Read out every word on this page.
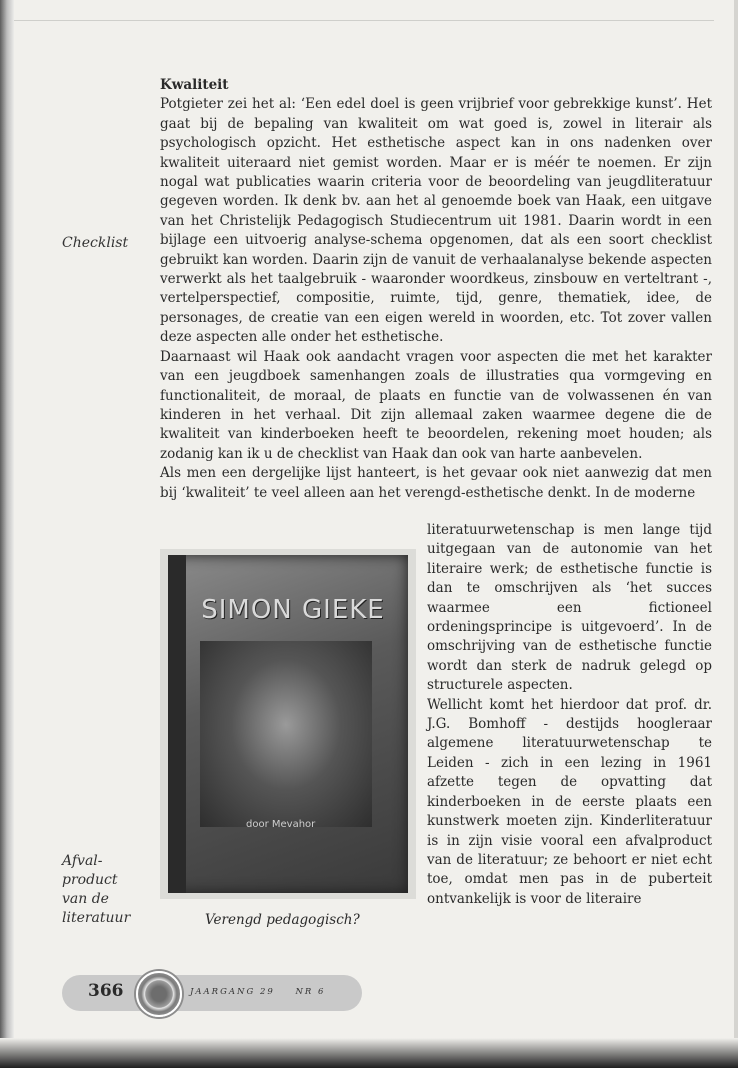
Checklist
Afval-
product
van de
literatuur

Kwaliteit

Potgieter zei het al: ‘Een edel doel is geen vrijbrief voor gebrekkige kunst’. Het gaat bij de bepaling van kwaliteit om wat goed is, zowel in literair als psychologisch opzicht. Het esthetische aspect kan in ons nadenken over kwaliteit uiteraard niet gemist worden. Maar er is méér te noemen. Er zijn nogal wat publicaties waarin criteria voor de beoordeling van jeugdliteratuur gegeven worden. Ik denk bv. aan het al genoemde boek van Haak, een uitgave van het Christelijk Pedagogisch Studiecentrum uit 1981. Daarin wordt in een bijlage een uitvoerig analyse-schema opgenomen, dat als een soort checklist gebruikt kan worden. Daarin zijn de vanuit de verhaalanalyse bekende aspecten verwerkt als het taalgebruik - waaronder woordkeus, zinsbouw en verteltrant -, vertelperspectief, compositie, ruimte, tijd, genre, thematiek, idee, de personages, de creatie van een eigen wereld in woorden, etc. Tot zover vallen deze aspecten alle onder het esthetische.

Daarnaast wil Haak ook aandacht vragen voor aspecten die met het karakter van een jeugdboek samenhangen zoals de illustraties qua vormgeving en functionaliteit, de moraal, de plaats en functie van de volwassenen én van kinderen in het verhaal. Dit zijn allemaal zaken waarmee degene die de kwaliteit van kinderboeken heeft te beoordelen, rekening moet houden; als zodanig kan ik u de checklist van Haak dan ook van harte aanbevelen.

Als men een dergelijke lijst hanteert, is het gevaar ook niet aanwezig dat men bij ‘kwaliteit’ te veel alleen aan het verengd-esthetische denkt. In de moderne

SIMON GIEKE
door Mevahor
Verengd pedagogisch?

literatuurwetenschap is men lange tijd uitgegaan van de autonomie van het literaire werk; de esthetische functie is dan te omschrijven als ‘het succes waarmee een fictioneel ordeningsprincipe is uitgevoerd’. In de omschrijving van de esthetische functie wordt dan sterk de nadruk gelegd op structurele aspecten.

Wellicht komt het hierdoor dat prof. dr. J.G. Bomhoff - destijds hoogleraar algemene literatuurwetenschap te Leiden - zich in een lezing in 1961 afzette tegen de opvatting dat kinderboeken in de eerste plaats een kunstwerk moeten zijn. Kinderliteratuur is in zijn visie vooral een afvalproduct van de literatuur; ze behoort er niet echt toe, omdat men pas in de puberteit ontvankelijk is voor de literaire

366	JAARGANG 29 NR 6
